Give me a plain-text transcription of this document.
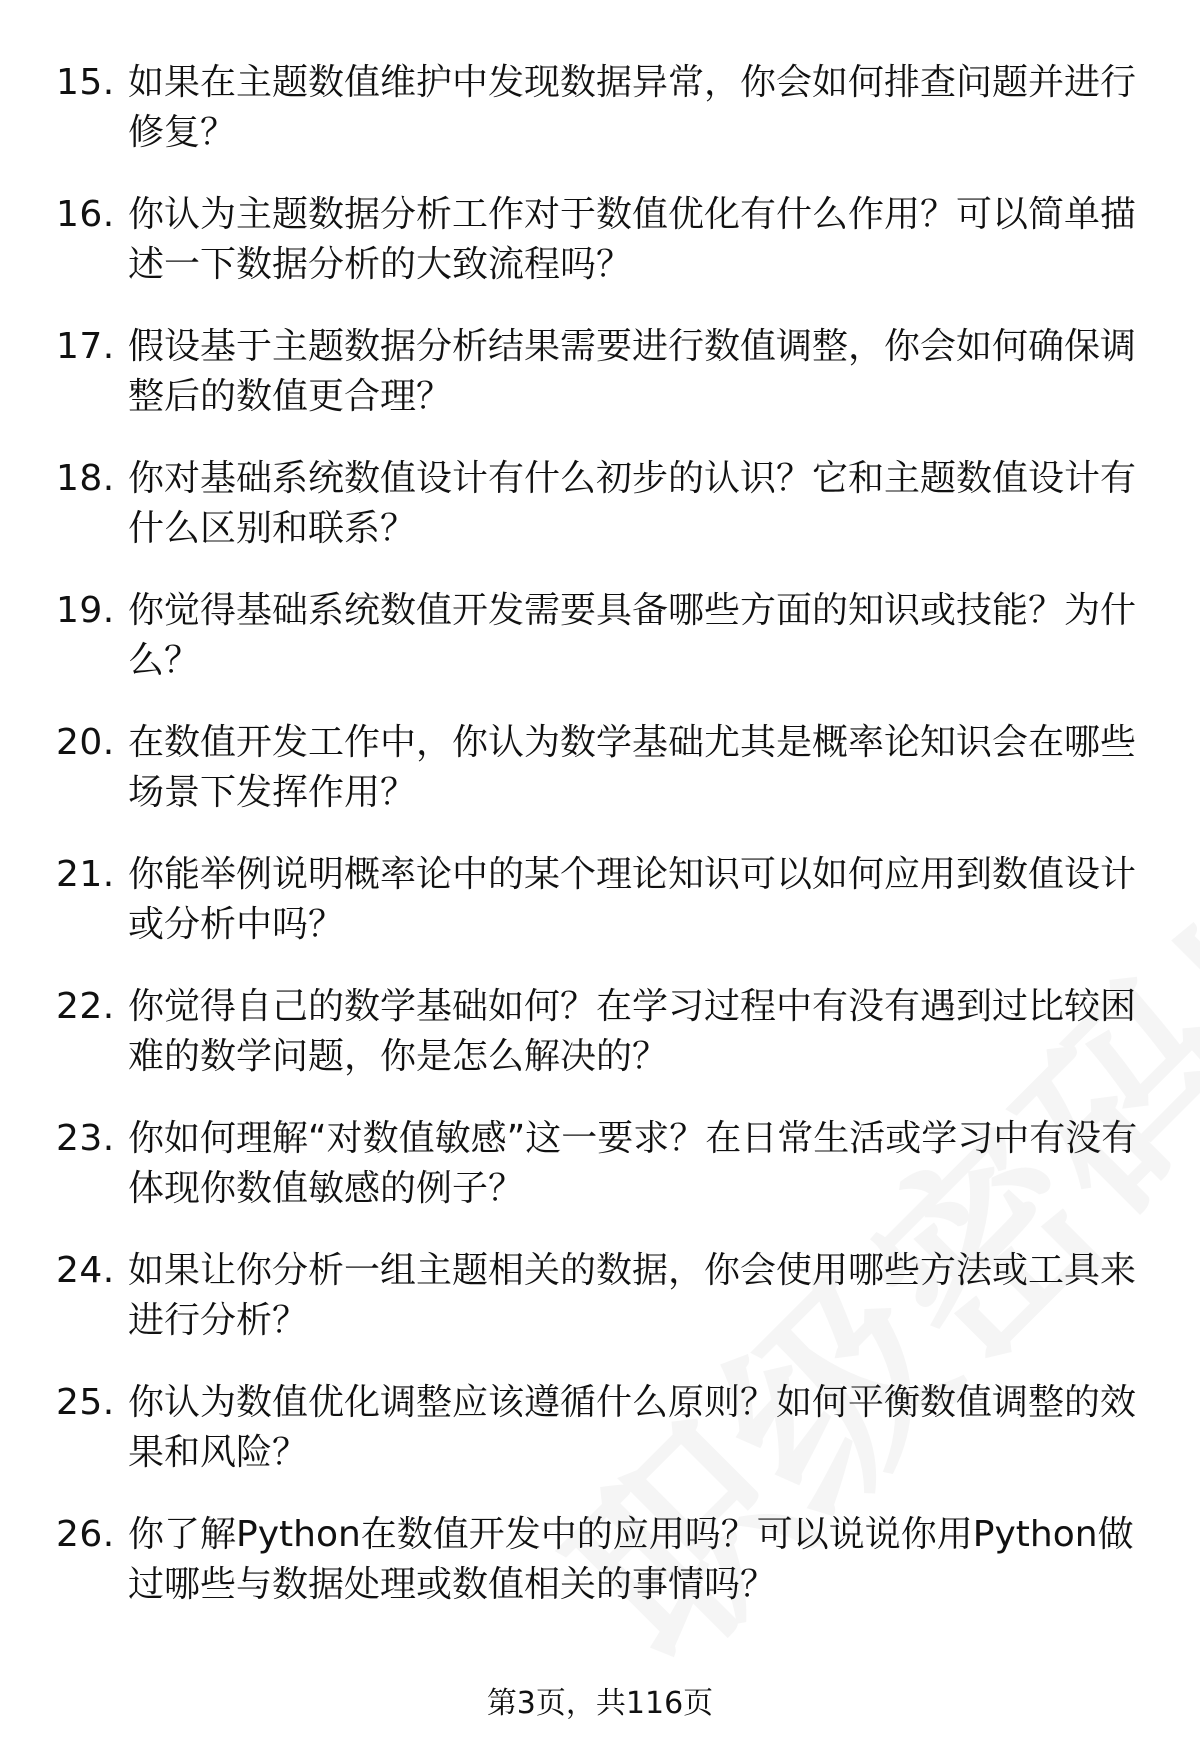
15. 如果在主题数值维护中发现数据异常，你会如何排查问题并进行修复？
16. 你认为主题数据分析工作对于数值优化有什么作用？可以简单描述一下数据分析的大致流程吗？
17. 假设基于主题数据分析结果需要进行数值调整，你会如何确保调整后的数值更合理？
18. 你对基础系统数值设计有什么初步的认识？它和主题数值设计有什么区别和联系？
19. 你觉得基础系统数值开发需要具备哪些方面的知识或技能？为什么？
20. 在数值开发工作中，你认为数学基础尤其是概率论知识会在哪些场景下发挥作用？
21. 你能举例说明概率论中的某个理论知识可以如何应用到数值设计或分析中吗？
22. 你觉得自己的数学基础如何？在学习过程中有没有遇到过比较困难的数学问题，你是怎么解决的？
23. 你如何理解“对数值敏感”这一要求？在日常生活或学习中有没有体现你数值敏感的例子？
24. 如果让你分析一组主题相关的数据，你会使用哪些方法或工具来进行分析？
25. 你认为数值优化调整应该遵循什么原则？如何平衡数值调整的效果和风险？
26. 你了解Python在数值开发中的应用吗？可以说说你用Python做过哪些与数据处理或数值相关的事情吗？
第3页，共116页
